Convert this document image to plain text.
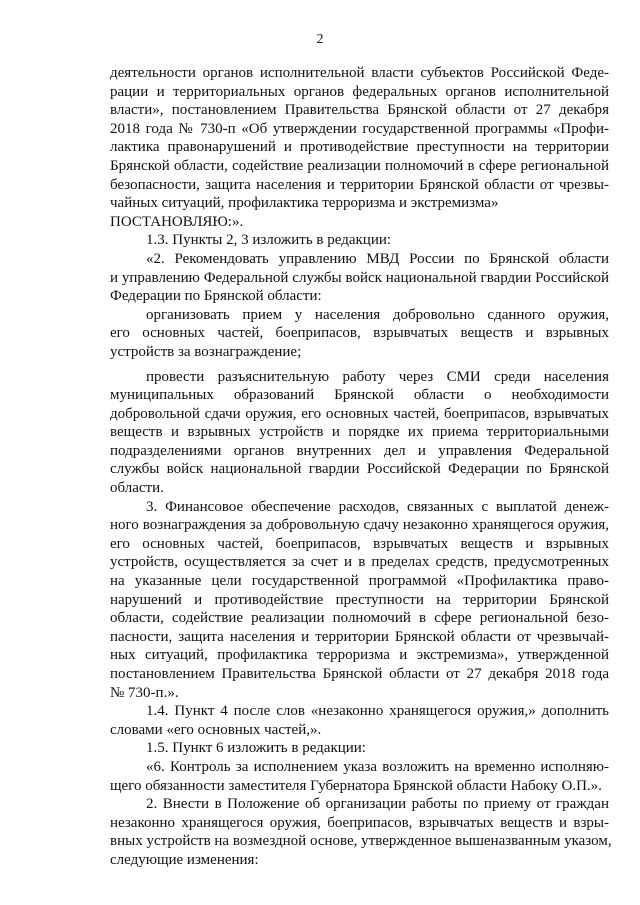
2
деятельности органов исполнительной власти субъектов Российской Феде-
рации и территориальных органов федеральных органов исполнительной
власти», постановлением Правительства Брянской области от 27 декабря
2018 года № 730-п «Об утверждении государственной программы «Профи-
лактика правонарушений и противодействие преступности на территории
Брянской области, содействие реализации полномочий в сфере региональной
безопасности, защита населения и территории Брянской области от чрезвы-
чайных ситуаций, профилактика терроризма и экстремизма»
ПОСТАНОВЛЯЮ:».
1.3. Пункты 2, 3 изложить в редакции:
«2. Рекомендовать управлению МВД России по Брянской области
и управлению Федеральной службы войск национальной гвардии Российской
Федерации по Брянской области:
организовать прием у населения добровольно сданного оружия,
его основных частей, боеприпасов, взрывчатых веществ и взрывных
устройств за вознаграждение;
провести разъяснительную работу через СМИ среди населения
муниципальных образований Брянской области о необходимости
добровольной сдачи оружия, его основных частей, боеприпасов, взрывчатых
веществ и взрывных устройств и порядке их приема территориальными
подразделениями органов внутренних дел и управления Федеральной
службы войск национальной гвардии Российской Федерации по Брянской
области.
3. Финансовое обеспечение расходов, связанных с выплатой денеж-
ного вознаграждения за добровольную сдачу незаконно хранящегося оружия,
его основных частей, боеприпасов, взрывчатых веществ и взрывных
устройств, осуществляется за счет и в пределах средств, предусмотренных
на указанные цели государственной программой «Профилактика право-
нарушений и противодействие преступности на территории Брянской
области, содействие реализации полномочий в сфере региональной безо-
пасности, защита населения и территории Брянской области от чрезвычай-
ных ситуаций, профилактика терроризма и экстремизма», утвержденной
постановлением Правительства Брянской области от 27 декабря 2018 года
№ 730-п.».
1.4. Пункт 4 после слов «незаконно хранящегося оружия,» дополнить
словами «его основных частей,».
1.5. Пункт 6 изложить в редакции:
«6. Контроль за исполнением указа возложить на временно исполняю-
щего обязанности заместителя Губернатора Брянской области Набоку О.П.».
2. Внести в Положение об организации работы по приему от граждан
незаконно хранящегося оружия, боеприпасов, взрывчатых веществ и взры-
вных устройств на возмездной основе, утвержденное вышеназванным указом,
следующие изменения:
